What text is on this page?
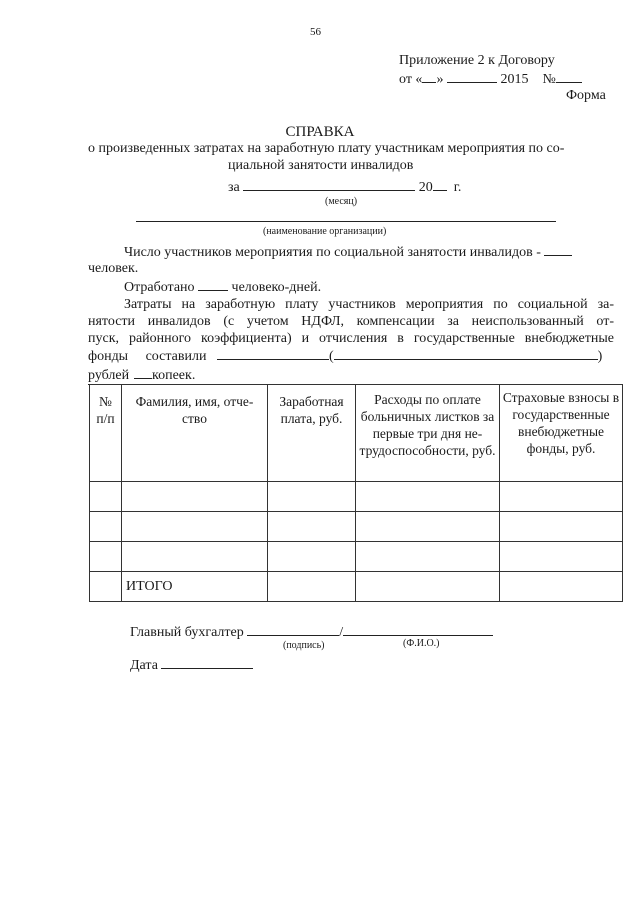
56
Приложение 2 к Договору
от « »	2015 №
Форма
СПРАВКА
о произведенных затратах на заработную плату участникам мероприятия по со-
циальной занятости инвалидов
за	20 г.
(месяц)
(наименование организации)
Число участников мероприятия по социальной занятости инвалидов -
человек.
Отработано	человеко-дней.
Затраты на заработную плату участников мероприятия по социальной за-
нятости инвалидов (с учетом НДФЛ, компенсации за неиспользованный от-
пуск, районного коэффициента) и отчисления в государственные внебюджетные
фонды составили	(	)
рублей копеек.
№ п/п	Фамилия, имя, отче- ство	Заработная плата, руб.	Расходы по оплате больничных листков за первые три дня не- трудоспособности, руб.	Страховые взносы в государственные внебюджетные фонды, руб.

	ИТОГО			
Главный бухгалтер	/
(подпись)	(Ф.И.О.)
Дата
